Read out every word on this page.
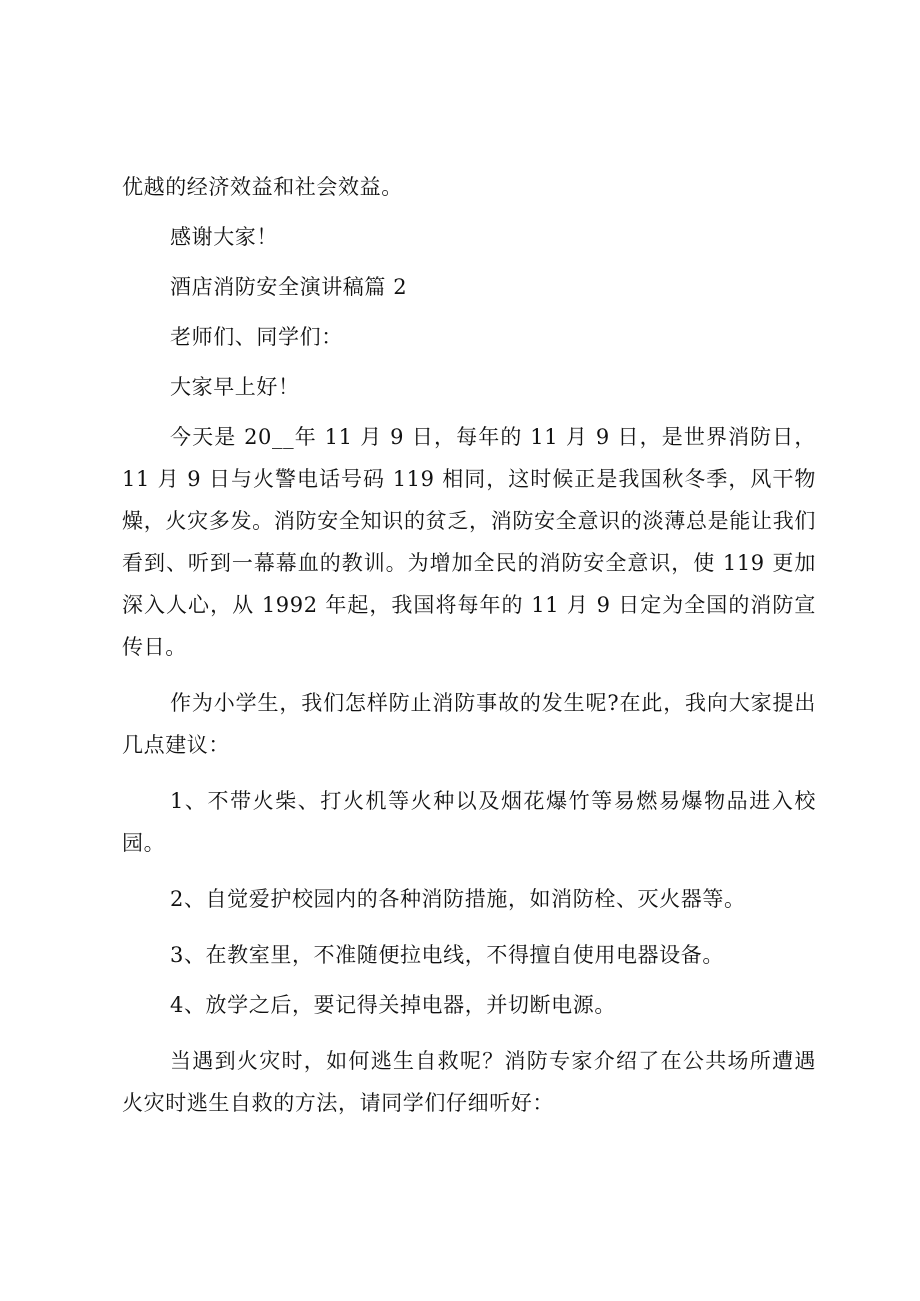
优越的经济效益和社会效益。

感谢大家！

酒店消防安全演讲稿篇 2

老师们、同学们：

大家早上好！

今天是 20__年 11 月 9 日，每年的 11 月 9 日，是世界消防日，11 月 9 日与火警电话号码 119 相同，这时候正是我国秋冬季，风干物燥，火灾多发。消防安全知识的贫乏，消防安全意识的淡薄总是能让我们看到、听到一幕幕血的教训。为增加全民的消防安全意识，使 119 更加深入人心，从 1992 年起，我国将每年的 11 月 9 日定为全国的消防宣传日。

作为小学生，我们怎样防止消防事故的发生呢?在此，我向大家提出几点建议：

1、不带火柴、打火机等火种以及烟花爆竹等易燃易爆物品进入校园。

2、自觉爱护校园内的各种消防措施，如消防栓、灭火器等。

3、在教室里，不准随便拉电线，不得擅自使用电器设备。

4、放学之后，要记得关掉电器，并切断电源。

当遇到火灾时，如何逃生自救呢？消防专家介绍了在公共场所遭遇火灾时逃生自救的方法，请同学们仔细听好：
